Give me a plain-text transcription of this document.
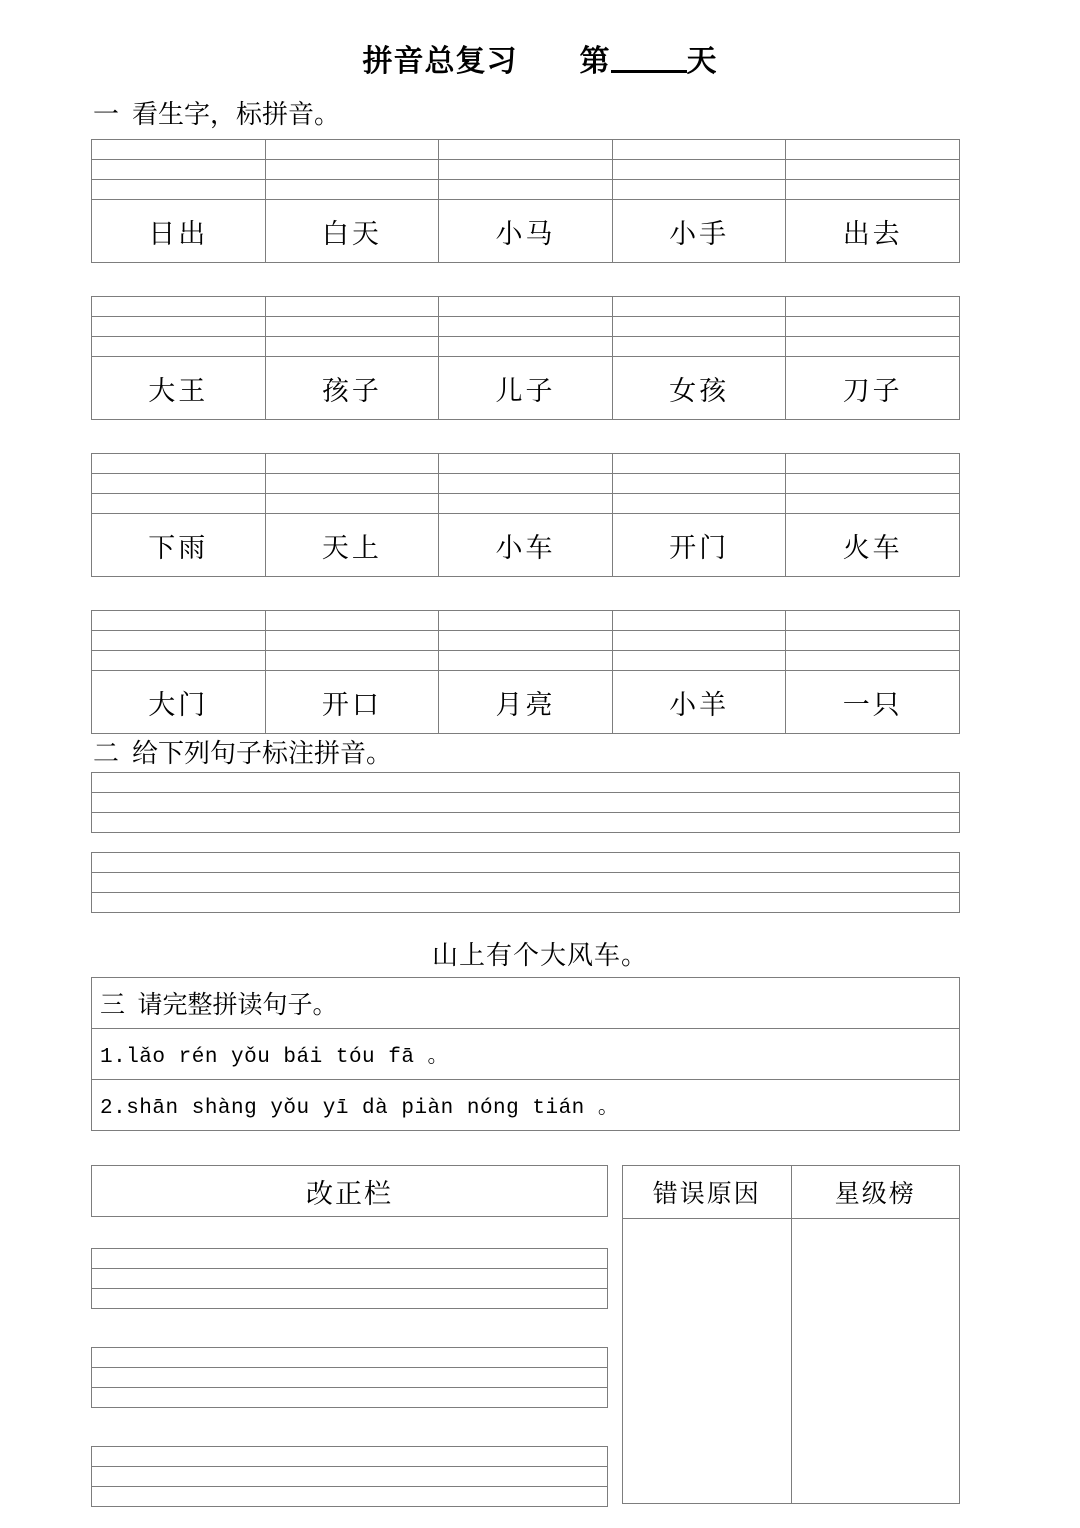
拼音总复习　　 第	天
一  看生字，标拼音。

日出	白天	小马	小手	出去

大王	孩子	儿子	女孩	刀子

下雨	天上	小车	开门	火车

大门	开口	月亮	小羊	一只
二  给下列句子标注拼音。

山上有个大风车。
三  请完整拼读句子。
1.lǎo rén yǒu bái tóu fā 。
2.shān shàng yǒu yī dà piàn nóng tián 。
改正栏	错误原因	星级榜
